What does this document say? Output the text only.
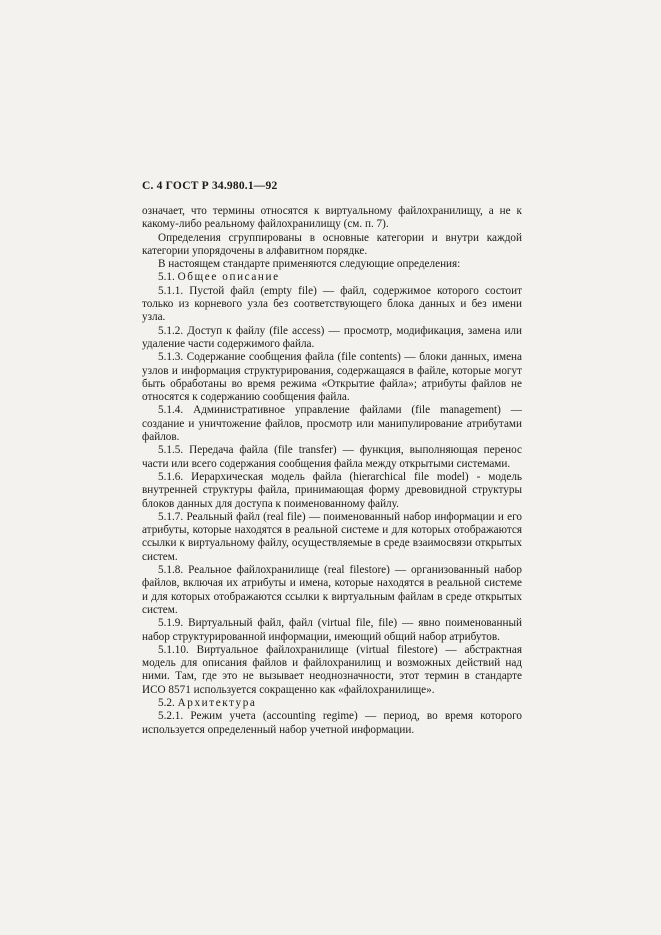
С. 4 ГОСТ Р 34.980.1—92

означает, что термины относятся к виртуальному файлохранилищу, а не к какому-либо реальному файлохранилищу (см. п. 7).

Определения сгруппированы в основные категории и внутри каждой категории упорядочены в алфавитном порядке.

В настоящем стандарте применяются следующие определения:

5.1. Общее описание

5.1.1. Пустой файл (empty file) — файл, содержимое которого состоит только из корневого узла без соответствующего блока данных и без имени узла.

5.1.2. Доступ к файлу (file access) — просмотр, модификация, замена или удаление части содержимого файла.

5.1.3. Содержание сообщения файла (file contents) — блоки данных, имена узлов и информация структурирования, содержащаяся в файле, которые могут быть обработаны во время режима «Открытие файла»; атрибуты файлов не относятся к содержанию сообщения файла.

5.1.4. Административное управление файлами (file management) — создание и уничтожение файлов, просмотр или манипулирование атрибутами файлов.

5.1.5. Передача файла (file transfer) — функция, выполняющая перенос части или всего содержания сообщения файла между открытыми системами.

5.1.6. Иерархическая модель файла (hierarchical file model) - модель внутренней структуры файла, принимающая форму древовидной структуры блоков данных для доступа к поименованному файлу.

5.1.7. Реальный файл (real file) — поименованный набор информации и его атрибуты, которые находятся в реальной системе и для которых отображаются ссылки к виртуальному файлу, осуществляемые в среде взаимосвязи открытых систем.

5.1.8. Реальное файлохранилище (real filestore) — организованный набор файлов, включая их атрибуты и имена, которые находятся в реальной системе и для которых отображаются ссылки к виртуальным файлам в среде открытых систем.

5.1.9. Виртуальный файл, файл (virtual file, file) — явно поименованный набор структурированной информации, имеющий общий набор атрибутов.

5.1.10. Виртуальное файлохранилище (virtual filestore) — абстрактная модель для описания файлов и файлохранилищ и возможных действий над ними. Там, где это не вызывает неоднозначности, этот термин в стандарте ИСО 8571 используется сокращенно как «файлохранилище».

5.2. Архитектура

5.2.1. Режим учета (accounting regime) — период, во время которого используется определенный набор учетной информации.
